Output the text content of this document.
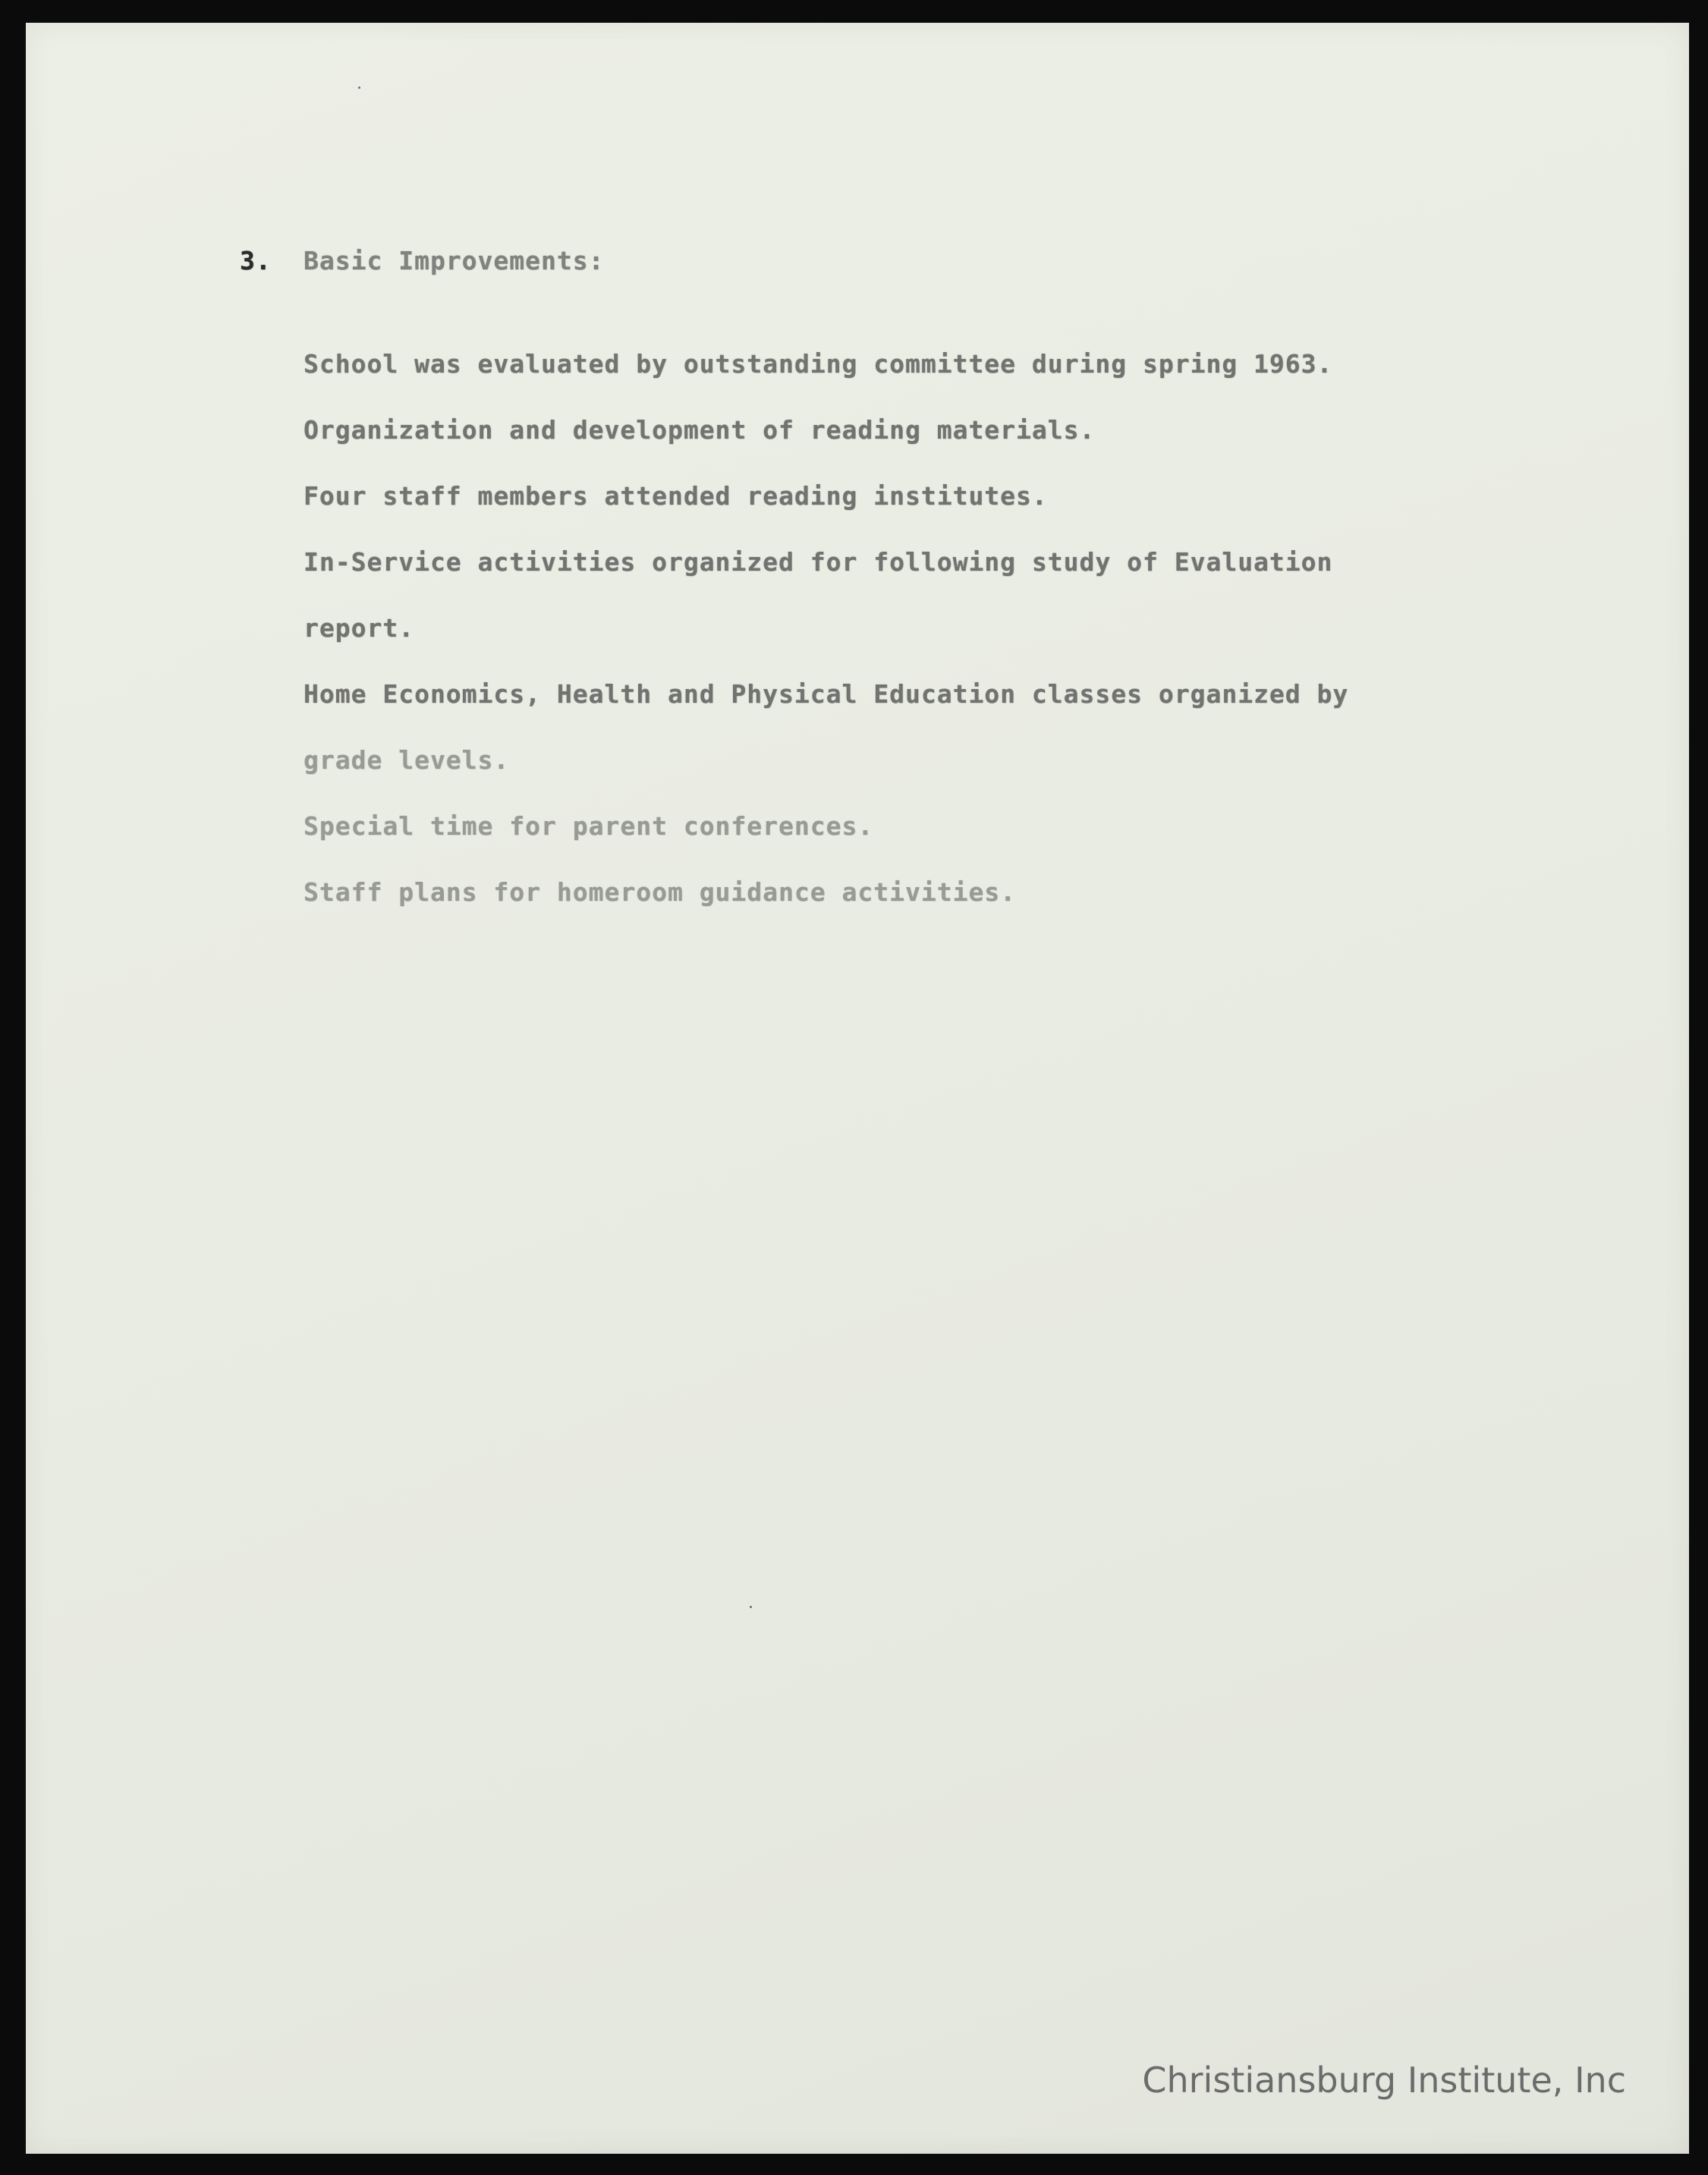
3. Basic Improvements:
School was evaluated by outstanding committee during spring 1963.
Organization and development of reading materials.
Four staff members attended reading institutes.
In-Service activities organized for following study of Evaluation
report.
Home Economics, Health and Physical Education classes organized by
grade levels.
Special time for parent conferences.
Staff plans for homeroom guidance activities.
Christiansburg Institute, Inc
